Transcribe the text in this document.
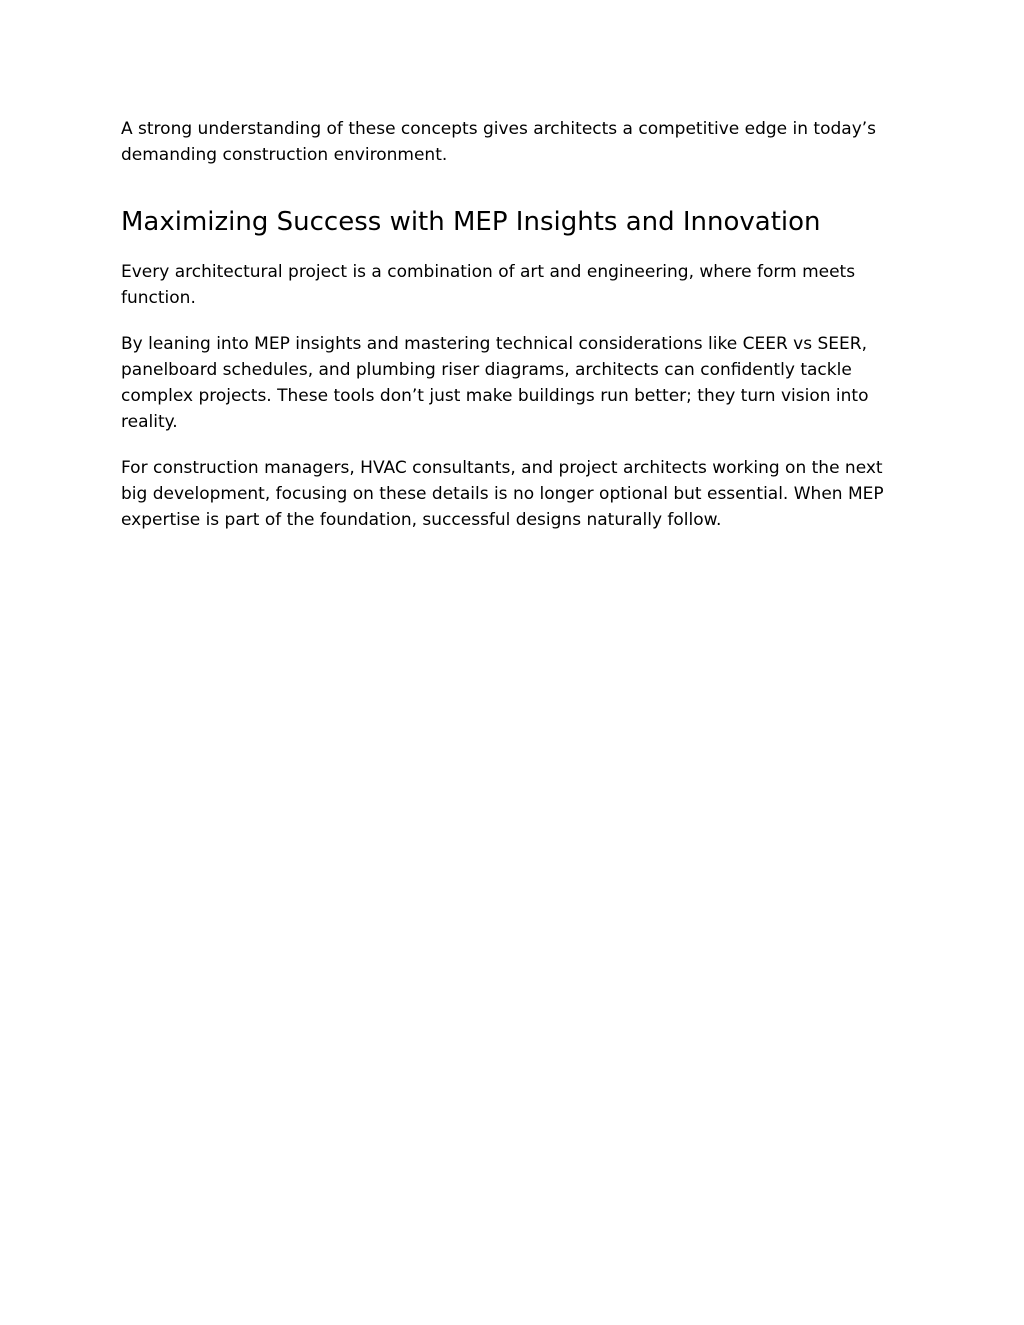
A strong understanding of these concepts gives architects a competitive edge in today’s demanding construction environment.

Maximizing Success with MEP Insights and Innovation

Every architectural project is a combination of art and engineering, where form meets function.

By leaning into MEP insights and mastering technical considerations like CEER vs SEER, panelboard schedules, and plumbing riser diagrams, architects can confidently tackle complex projects. These tools don’t just make buildings run better; they turn vision into reality.

For construction managers, HVAC consultants, and project architects working on the next big development, focusing on these details is no longer optional but essential. When MEP expertise is part of the foundation, successful designs naturally follow.
